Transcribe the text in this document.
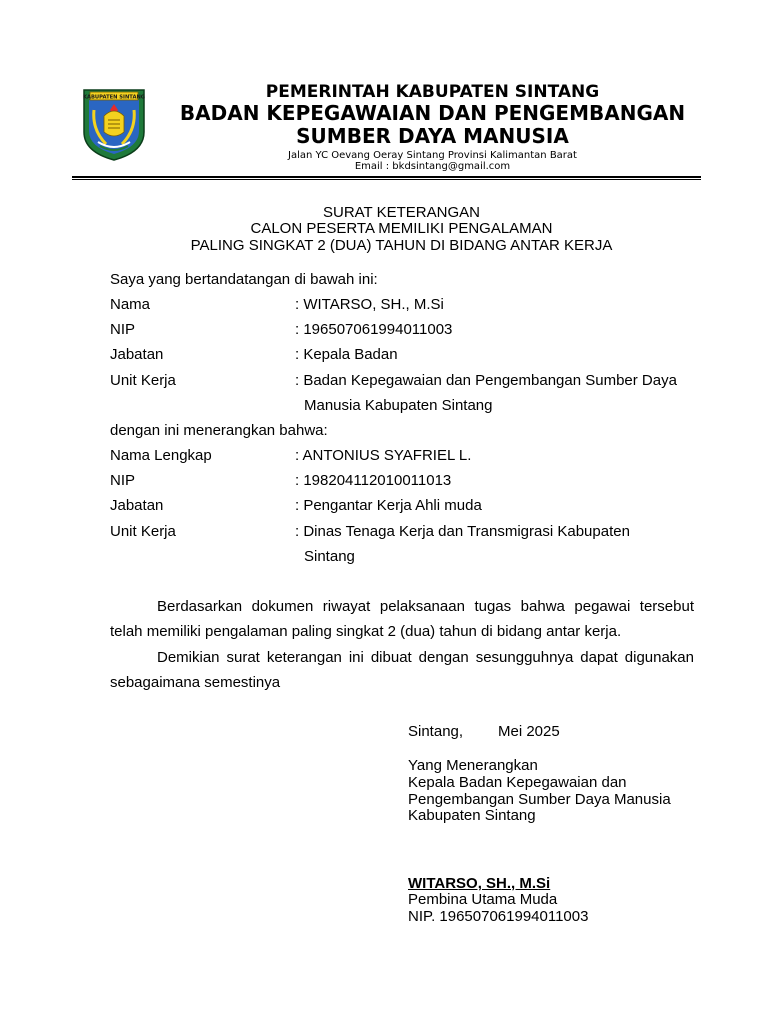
KABUPATEN SINTANG	PEMERINTAH KABUPATEN SINTANG
BADAN KEPEGAWAIAN DAN PENGEMBANGAN
SUMBER DAYA MANUSIA
Jalan YC Oevang Oeray Sintang Provinsi Kalimantan Barat
Email : bkdsintang@gmail.com
SURAT KETERANGAN
CALON PESERTA MEMILIKI PENGALAMAN
PALING SINGKAT 2 (DUA) TAHUN DI BIDANG ANTAR KERJA
Saya yang bertandatangan di bawah ini:
Nama	: WITARSO, SH., M.Si
NIP	: 196507061994011003
Jabatan	: Kepala Badan
Unit Kerja	: Badan Kepegawaian dan Pengembangan Sumber Daya
Manusia Kabupaten Sintang
dengan ini menerangkan bahwa:
Nama Lengkap	: ANTONIUS SYAFRIEL L.
NIP	: 198204112010011013
Jabatan	: Pengantar Kerja Ahli muda
Unit Kerja	: Dinas Tenaga Kerja dan Transmigrasi Kabupaten
Sintang
Berdasarkan dokumen riwayat pelaksanaan tugas bahwa pegawai tersebut
telah memiliki pengalaman paling singkat 2 (dua) tahun di bidang antar kerja.
Demikian surat keterangan ini dibuat dengan sesungguhnya dapat digunakan
sebagaimana semestinya
Sintang, Mei 2025
Yang Menerangkan
Kepala Badan Kepegawaian dan
Pengembangan Sumber Daya Manusia
Kabupaten Sintang
WITARSO, SH., M.Si
Pembina Utama Muda
NIP. 196507061994011003
